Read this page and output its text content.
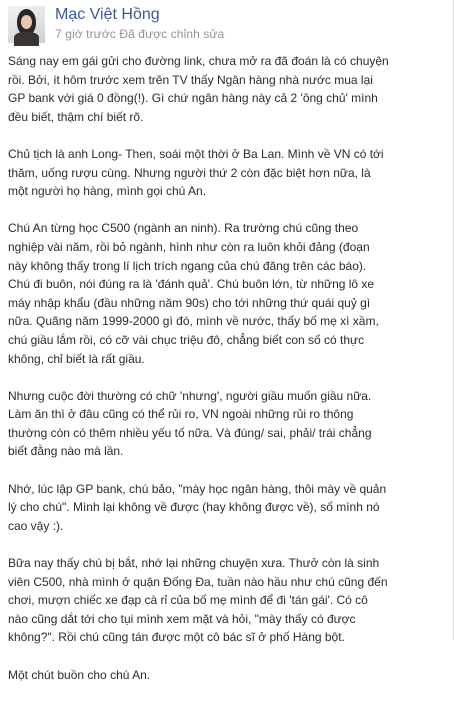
Mạc Việt Hồng
7 giờ trước Đã được chỉnh sửa

Sáng nay em gái gửi cho đường link, chưa mở ra đã đoán là có chuyện
rồi. Bởi, ít hôm trước xem trên TV thấy Ngân hàng nhà nước mua lại
GP bank với giá 0 đồng(!). Gì chứ ngân hàng này cả 2 'ông chủ' mình
đều biết, thậm chí biết rõ.

Chủ tịch là anh Long- Then, soái một thời ở Ba Lan. Mình về VN có tới
thăm, uống rượu cùng. Nhưng người thứ 2 còn đặc biệt hơn nữa, là
một người họ hàng, mình gọi chú An.

Chú An từng học C500 (ngành an ninh). Ra trường chú cũng theo
nghiệp vài năm, rồi bỏ ngành, hình như còn ra luôn khỏi đảng (đoạn
này không thấy trong lí lịch trích ngang của chú đăng trên các báo).
Chú đi buôn, nói đúng ra là 'đánh quả'. Chú buôn lớn, từ những lô xe
máy nhập khẩu (đầu những năm 90s) cho tới những thứ quái quỷ gì
nữa. Quãng năm 1999-2000 gì đó, mình về nước, thấy bố mẹ xì xầm,
chú giầu lắm rồi, có cỡ vài chục triệu đô, chẳng biết con số có thực
không, chỉ biết là rất giầu.

Nhưng cuộc đời thường có chữ 'nhưng', người giầu muốn giầu nữa.
Làm ăn thì ở đâu cũng có thể rủi ro, VN ngoài những rủi ro thông
thường còn có thêm nhiều yếu tố nữa. Và đúng/ sai, phải/ trái chẳng
biết đằng nào mà lần.

Nhớ, lúc lập GP bank, chú bảo, "mày học ngân hàng, thôi mày về quản
lý cho chú". Mình lại không về được (hay không được về), số mình nó
cao vậy :).

Bữa nay thấy chú bị bắt, nhớ lại những chuyện xưa. Thưở còn là sinh
viên C500, nhà mình ở quận Đống Đa, tuần nào hầu như chú cũng đến
chơi, mượn chiếc xe đạp cà rỉ của bố mẹ mình để đi 'tán gái'. Có cô
nào cũng dắt tới cho tụi mình xem mặt và hỏi, "mày thấy có được
không?". Rồi chú cũng tán được một cô bác sĩ ở phố Hàng bột.

Một chút buồn cho chú An.
